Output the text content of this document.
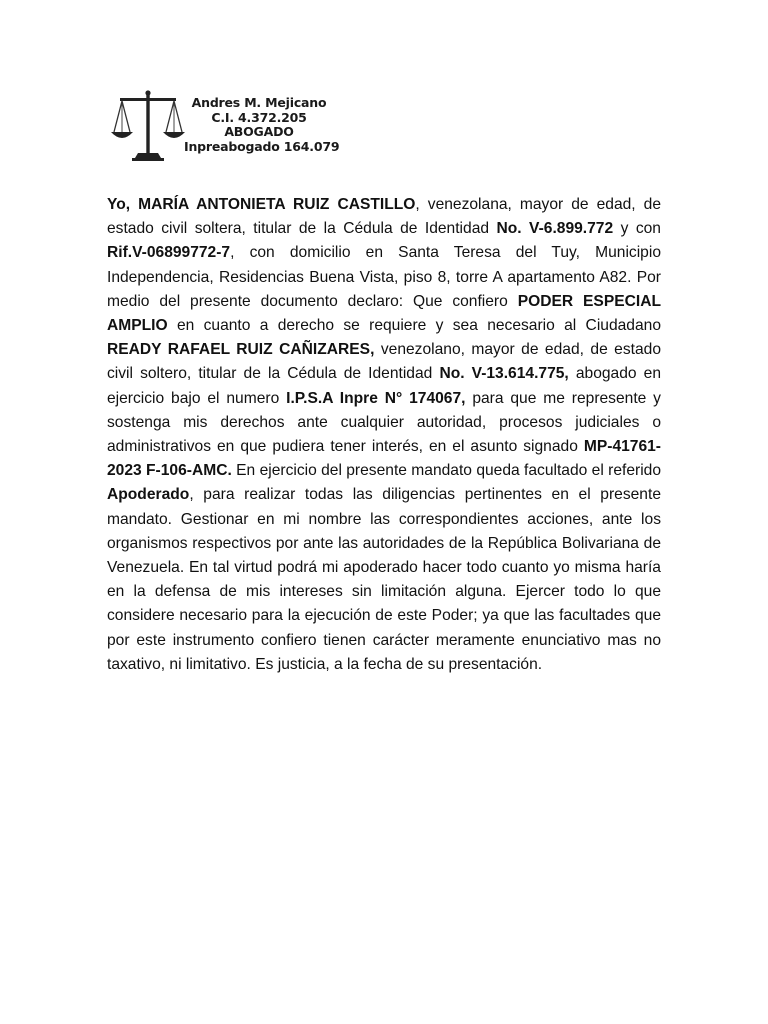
Andres M. Mejicano
C.I. 4.372.205
ABOGADO
Inpreabogado 164.079

Yo, MARÍA ANTONIETA RUIZ CASTILLO, venezolana, mayor de edad, de estado civil soltera, titular de la Cédula de Identidad No. V-6.899.772 y con Rif.V-06899772-7, con domicilio en Santa Teresa del Tuy, Municipio Independencia, Residencias Buena Vista, piso 8, torre A apartamento A82. Por medio del presente documento declaro: Que confiero PODER ESPECIAL AMPLIO en cuanto a derecho se requiere y sea necesario al Ciudadano READY RAFAEL RUIZ CAÑIZARES, venezolano, mayor de edad, de estado civil soltero, titular de la Cédula de Identidad No. V-13.614.775, abogado en ejercicio bajo el numero I.P.S.A Inpre N° 174067, para que me represente y sostenga mis derechos ante cualquier autoridad, procesos judiciales o administrativos en que pudiera tener interés, en el asunto signado MP-41761-2023 F-106-AMC. En ejercicio del presente mandato queda facultado el referido Apoderado, para realizar todas las diligencias pertinentes en el presente mandato. Gestionar en mi nombre las correspondientes acciones, ante los organismos respectivos por ante las autoridades de la República Bolivariana de Venezuela. En tal virtud podrá mi apoderado hacer todo cuanto yo misma haría en la defensa de mis intereses sin limitación alguna. Ejercer todo lo que considere necesario para la ejecución de este Poder; ya que las facultades que por este instrumento confiero tienen carácter meramente enunciativo mas no taxativo, ni limitativo. Es justicia, a la fecha de su presentación.
